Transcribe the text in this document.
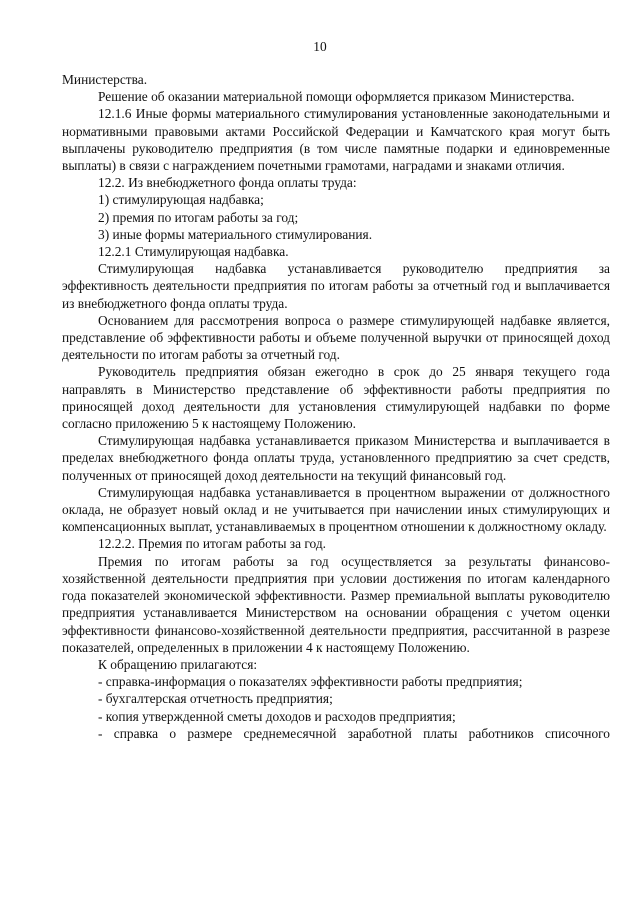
10

Министерства.

Решение об оказании материальной помощи оформляется приказом Министерства.

12.1.6 Иные формы материального стимулирования установленные законодательными и нормативными правовыми актами Российской Федерации и Камчатского края могут быть выплачены руководителю предприятия (в том числе памятные подарки и единовременные выплаты) в связи с награждением почетными грамотами, наградами и знаками отличия.

12.2. Из внебюджетного фонда оплаты труда:

1) стимулирующая надбавка;

2) премия по итогам работы за год;

3) иные формы материального стимулирования.

12.2.1 Стимулирующая надбавка.

Стимулирующая надбавка устанавливается руководителю предприятия за эффективность деятельности предприятия по итогам работы за отчетный год и выплачивается из внебюджетного фонда оплаты труда.

Основанием для рассмотрения вопроса о размере стимулирующей надбавке является, представление об эффективности работы и объеме полученной выручки от приносящей доход деятельности по итогам работы за отчетный год.

Руководитель предприятия обязан ежегодно в срок до 25 января текущего года направлять в Министерство представление об эффективности работы предприятия по приносящей доход деятельности для установления стимулирующей надбавки по форме согласно приложению 5 к настоящему Положению.

Стимулирующая надбавка устанавливается приказом Министерства и выплачивается в пределах внебюджетного фонда оплаты труда, установленного предприятию за счет средств, полученных от приносящей доход деятельности на текущий финансовый год.

Стимулирующая надбавка устанавливается в процентном выражении от должностного оклада, не образует новый оклад и не учитывается при начислении иных стимулирующих и компенсационных выплат, устанавливаемых в процентном отношении к должностному окладу.

12.2.2. Премия по итогам работы за год.

Премия по итогам работы за год осуществляется за результаты финансово-хозяйственной деятельности предприятия при условии достижения по итогам календарного года показателей экономической эффективности. Размер премиальной выплаты руководителю предприятия устанавливается Министерством на основании обращения с учетом оценки эффективности финансово-хозяйственной деятельности предприятия, рассчитанной в разрезе показателей, определенных в приложении 4 к настоящему Положению.

К обращению прилагаются:

- справка-информация о показателях эффективности работы предприятия;

- бухгалтерская отчетность предприятия;

- копия утвержденной сметы доходов и расходов предприятия;

- справка о размере среднемесячной заработной платы работников списочного
